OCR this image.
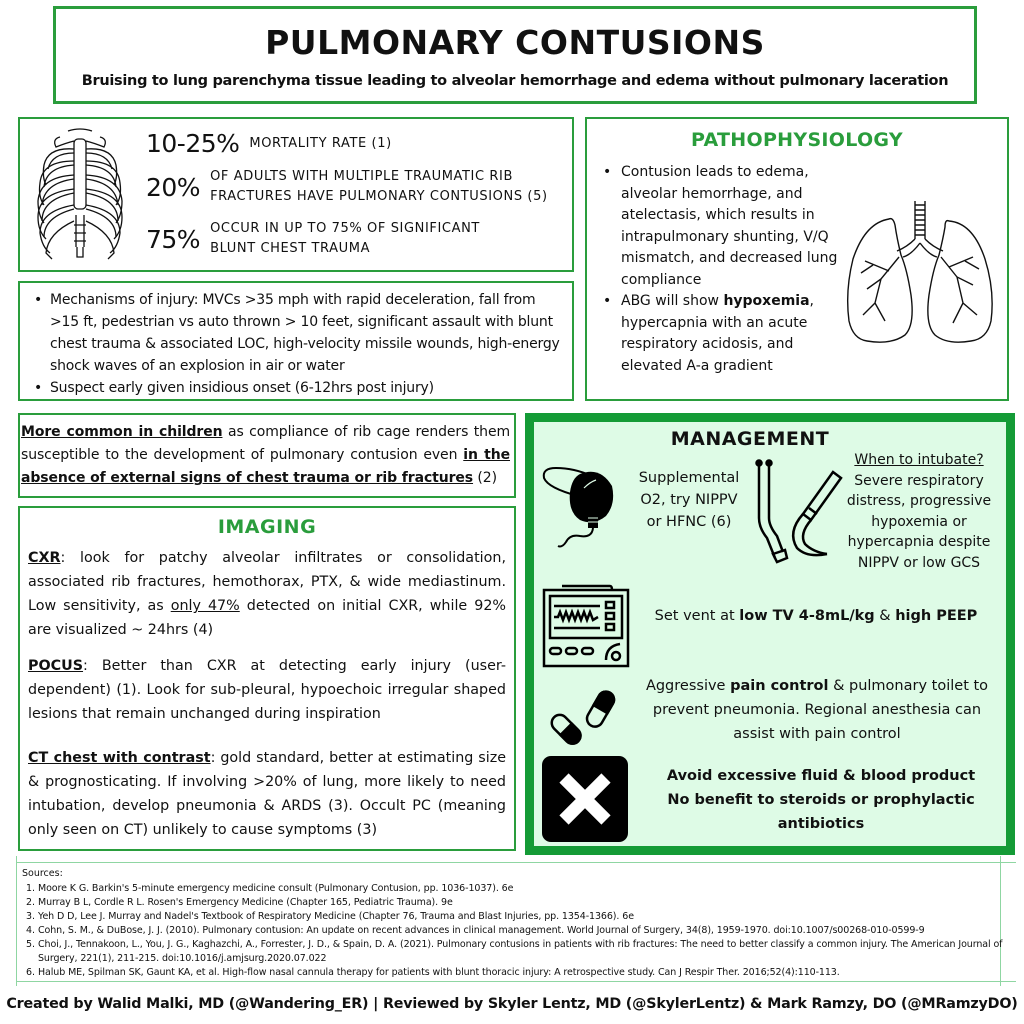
PULMONARY CONTUSIONS
Bruising to lung parenchyma tissue leading to alveolar hemorrhage and edema without pulmonary laceration
10-25% MORTALITY RATE (1)
20% OF ADULTS WITH MULTIPLE TRAUMATIC RIB FRACTURES HAVE PULMONARY CONTUSIONS (5)
75% OCCUR IN UP TO 75% OF SIGNIFICANT BLUNT CHEST TRAUMA
• Mechanisms of injury: MVCs >35 mph with rapid deceleration, fall from >15 ft, pedestrian vs auto thrown > 10 feet, significant assault with blunt chest trauma & associated LOC, high-velocity missile wounds, high-energy shock waves of an explosion in air or water
• Suspect early given insidious onset (6-12hrs post injury)
PATHOPHYSIOLOGY
• Contusion leads to edema, alveolar hemorrhage, and atelectasis, which results in intrapulmonary shunting, V/Q mismatch, and decreased lung compliance
• ABG will show hypoxemia, hypercapnia with an acute respiratory acidosis, and elevated A-a gradient

More common in children as compliance of rib cage renders them susceptible to the development of pulmonary contusion even in the absence of external signs of chest trauma or rib fractures (2)

IMAGING

CXR: look for patchy alveolar infiltrates or consolidation, associated rib fractures, hemothorax, PTX, & wide mediastinum. Low sensitivity, as only 47% detected on initial CXR, while 92% are visualized ~ 24hrs (4)

POCUS: Better than CXR at detecting early injury (user-dependent) (1). Look for sub-pleural, hypoechoic irregular shaped lesions that remain unchanged during inspiration

CT chest with contrast: gold standard, better at estimating size & prognosticating. If involving >20% of lung, more likely to need intubation, develop pneumonia & ARDS (3). Occult PC (meaning only seen on CT) unlikely to cause symptoms (3)

MANAGEMENT
Supplemental O2, try NIPPV or HFNC (6)
When to intubate?
Severe respiratory distress, progressive hypoxemia or hypercapnia despite NIPPV or low GCS
Set vent at low TV 4-8mL/kg & high PEEP
Aggressive pain control & pulmonary toilet to prevent pneumonia. Regional anesthesia can assist with pain control
Avoid excessive fluid & blood product
No benefit to steroids or prophylactic antibiotics
Sources:
1. Moore K G. Barkin's 5-minute emergency medicine consult (Pulmonary Contusion, pp. 1036-1037). 6e
2. Murray B L, Cordle R L. Rosen's Emergency Medicine (Chapter 165, Pediatric Trauma). 9e
3. Yeh D D, Lee J. Murray and Nadel's Textbook of Respiratory Medicine (Chapter 76, Trauma and Blast Injuries, pp. 1354-1366). 6e
4. Cohn, S. M., & DuBose, J. J. (2010). Pulmonary contusion: An update on recent advances in clinical management. World Journal of Surgery, 34(8), 1959-1970. doi:10.1007/s00268-010-0599-9
5. Choi, J., Tennakoon, L., You, J. G., Kaghazchi, A., Forrester, J. D., & Spain, D. A. (2021). Pulmonary contusions in patients with rib fractures: The need to better classify a common injury. The American Journal of Surgery, 221(1), 211-215. doi:10.1016/j.amjsurg.2020.07.022
6. Halub ME, Spilman SK, Gaunt KA, et al. High-flow nasal cannula therapy for patients with blunt thoracic injury: A retrospective study. Can J Respir Ther. 2016;52(4):110-113.
Created by Walid Malki, MD (@Wandering_ER) | Reviewed by Skyler Lentz, MD (@SkylerLentz) & Mark Ramzy, DO (@MRamzyDO)
